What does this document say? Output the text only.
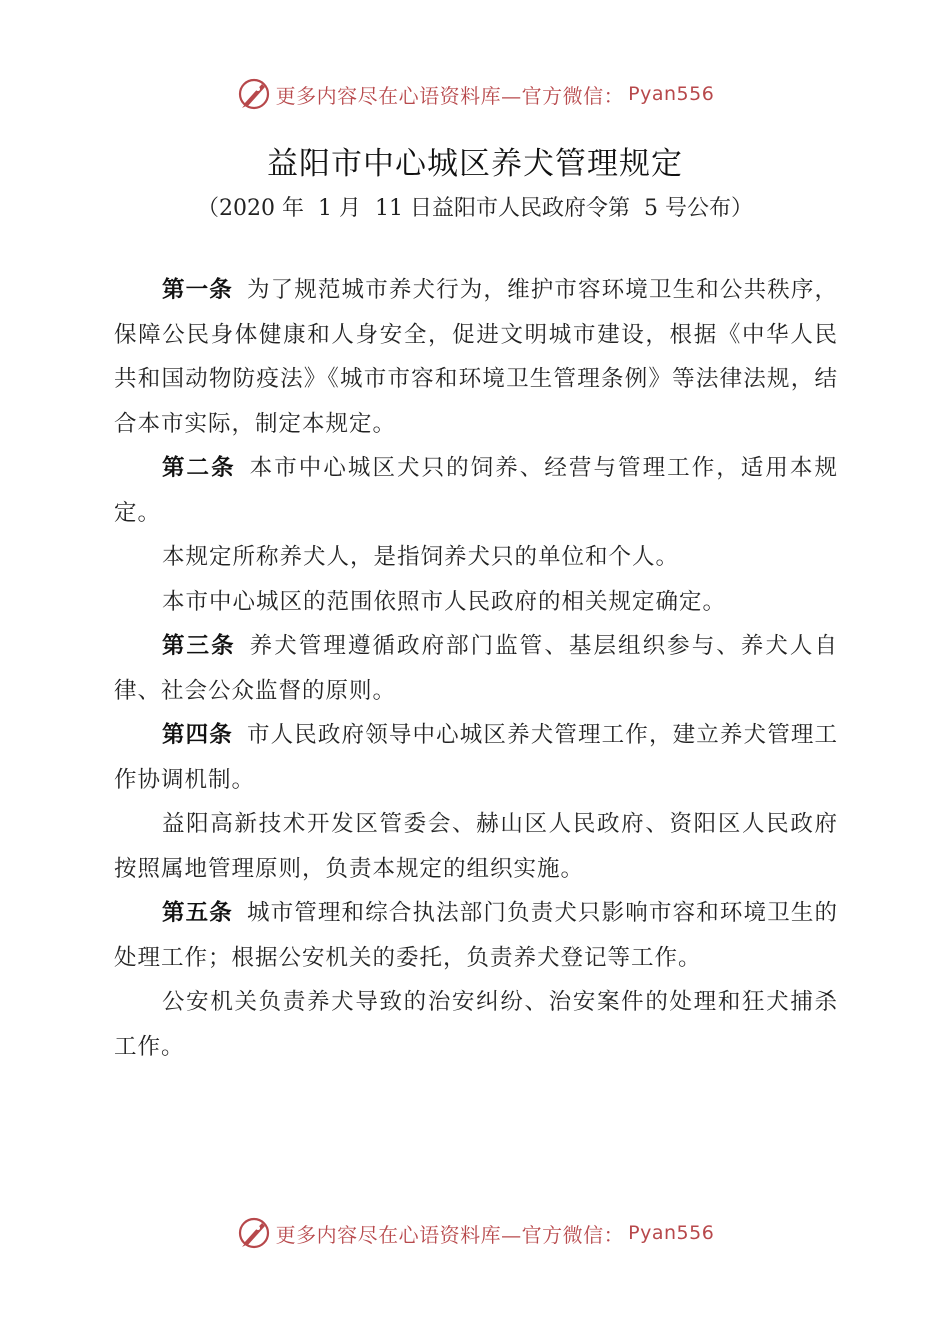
更多内容尽在心语资料库—官方微信： Pyan556
益阳市中心城区养犬管理规定
（2020 年  1 月  11 日益阳市人民政府令第  5 号公布）

第一条 为了规范城市养犬行为，维护市容环境卫生和公共秩序，保障公民身体健康和人身安全，促进文明城市建设，根据《中华人民共和国动物防疫法》《城市市容和环境卫生管理条例》等法律法规，结合本市实际，制定本规定。

第二条 本市中心城区犬只的饲养、经营与管理工作，适用本规定。

本规定所称养犬人，是指饲养犬只的单位和个人。

本市中心城区的范围依照市人民政府的相关规定确定。

第三条 养犬管理遵循政府部门监管、基层组织参与、养犬人自律、社会公众监督的原则。

第四条 市人民政府领导中心城区养犬管理工作，建立养犬管理工作协调机制。

益阳高新技术开发区管委会、赫山区人民政府、资阳区人民政府按照属地管理原则，负责本规定的组织实施。

第五条 城市管理和综合执法部门负责犬只影响市容和环境卫生的处理工作；根据公安机关的委托，负责养犬登记等工作。

公安机关负责养犬导致的治安纠纷、治安案件的处理和狂犬捕杀工作。

更多内容尽在心语资料库—官方微信： Pyan556
